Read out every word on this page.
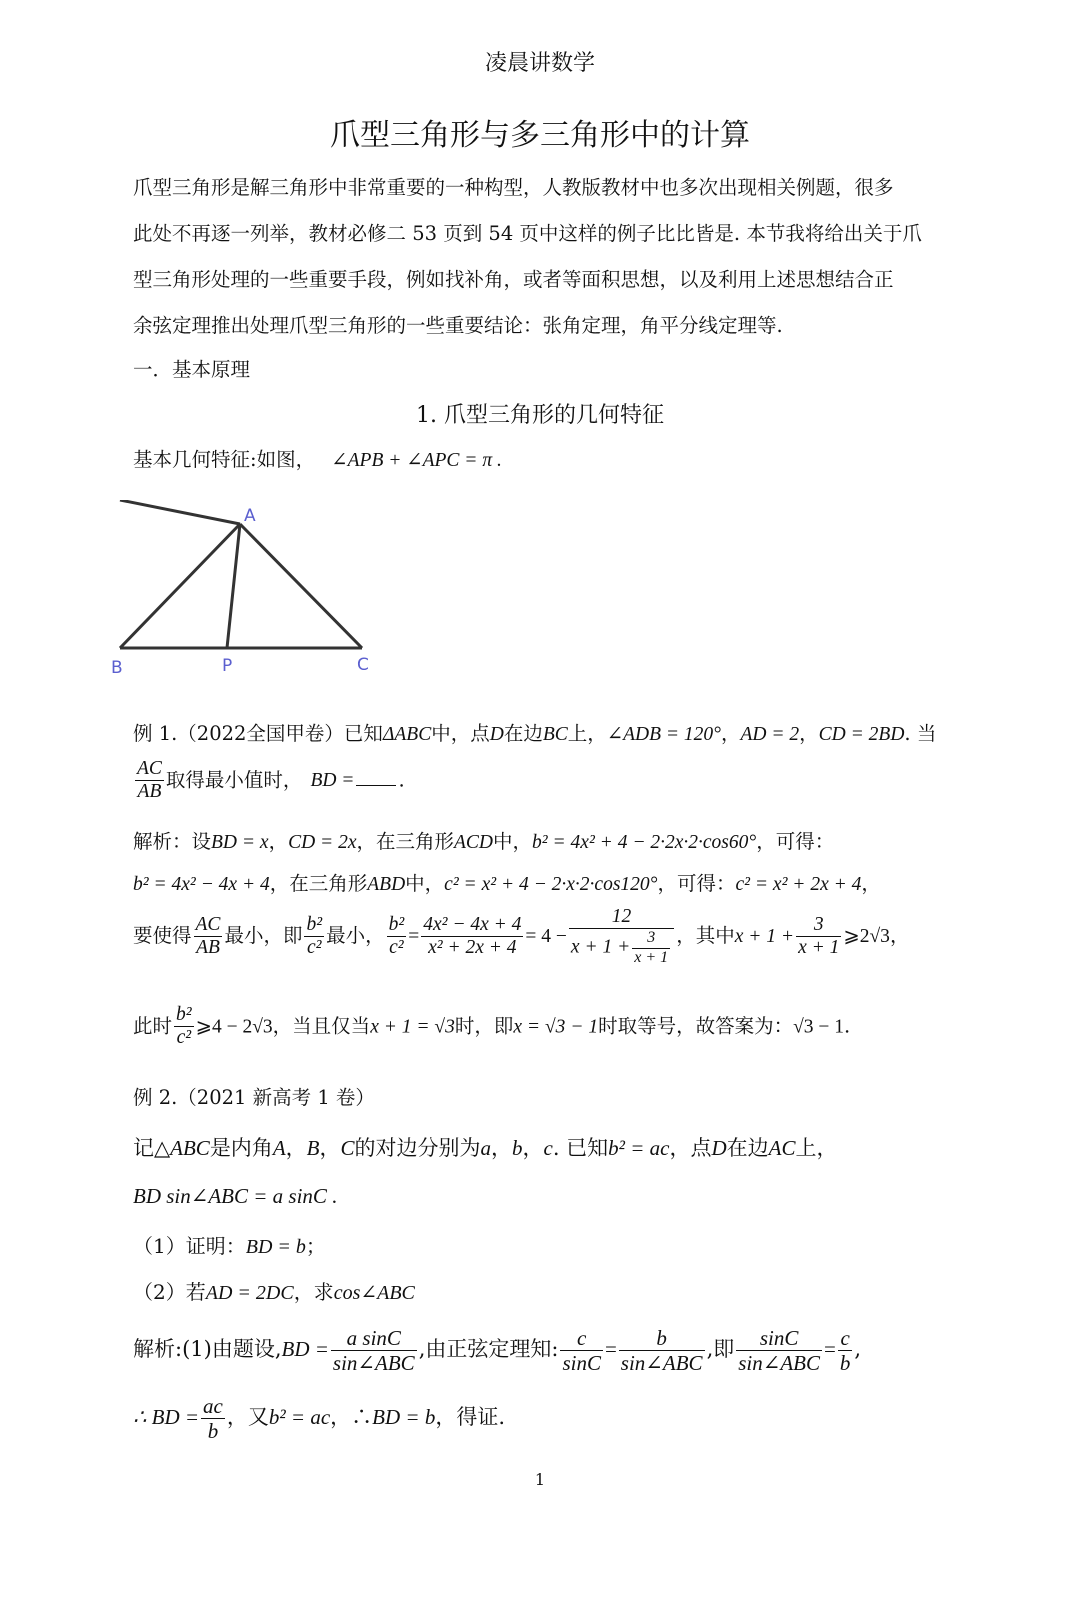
凌晨讲数学
爪型三角形与多三角形中的计算
爪型三角形是解三角形中非常重要的一种构型，人教版教材中也多次出现相关例题，很多
此处不再逐一列举，教材必修二 53 页到 54 页中这样的例子比比皆是. 本节我将给出关于爪
型三角形处理的一些重要手段，例如找补角，或者等面积思想，以及利用上述思想结合正
余弦定理推出处理爪型三角形的一些重要结论：张角定理，角平分线定理等.
一．基本原理
1. 爪型三角形的几何特征
基本几何特征:如图， ∠APB + ∠APC = π .
A
B	P	C
例 1.（2022全国甲卷）已知ΔABC中，点D在边BC上，∠ADB = 120°，AD = 2，CD = 2BD. 当
$\frac{AC}{AB}$ 取得最小值时， BD = .
解析：设BD = x，CD = 2x，在三角形ACD中，b² = 4x² + 4 − 2·2x·2·cos60°，可得：
b² = 4x² − 4x + 4，在三角形ABD中，c² = x² + 4 − 2·x·2·cos120°，可得：c² = x² + 2x + 4，
要使得 $\frac{AC}{AB}$ 最小，即 $\frac{\text{b²}}{\text{c²}}$ 最小， $\frac{\text{b²}}{\text{c²}} = \frac{\text{4x² − 4x + 4}}{\text{x² + 2x + 4}} = 4 - \frac{12}{x + 1 + \frac{3}{x + 1}}$ ，其中$x + 1 + \frac{3}{x + 1}$ ⩾2√3，
此时 $\frac{\text{b²}}{\text{c²}}$ ⩾4 − 2√3，当且仅当x + 1 = √3时，即x = √3 − 1时取等号，故答案为：√3 − 1.
例 2.（2021 新高考 1 卷）
记△ABC是内角A，B，C的对边分别为a，b，c. 已知b² = ac，点D在边AC上，
BD sin∠ABC = a sinC .
（1）证明：BD = b；
（2）若AD = 2DC，求cos∠ABC
解析:(1)由题设$,BD = \frac{\text{a sinC}}{\text{sin∠ABC}}$ ,由正弦定理知: $\frac{c}{\sin C} = \frac{b}{\text{sin∠ABC}}$ ,即 $\frac{\sin C}{\text{sin∠ABC}} = \frac{c}{b}$ ,
∴ BD = $\frac{ac}{b}$ ，又b² = ac，∴BD = b，得证.
1
